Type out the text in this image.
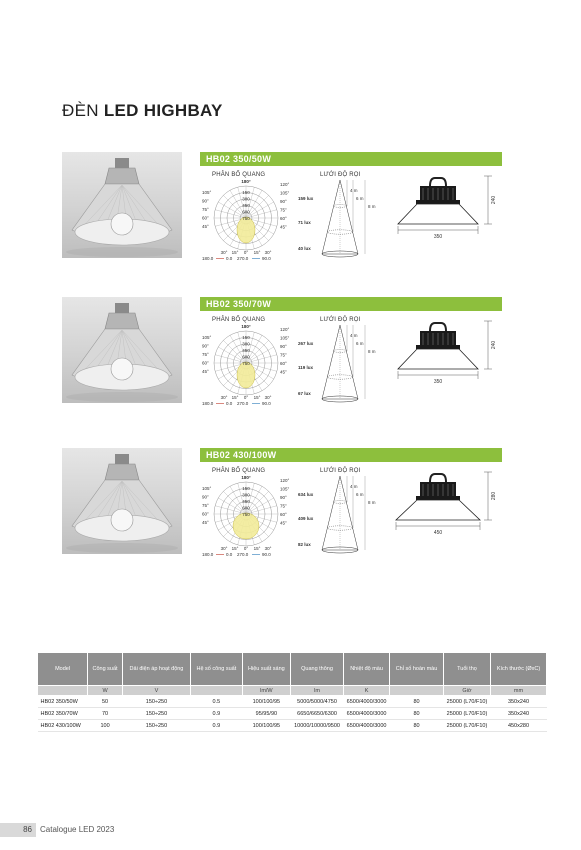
ĐÈN LED HIGHBAY
HB02 350/50W
PHÂN BỐ QUANG	LƯỚI ĐỘ RỌI
180°
105°
90°
75°
60°
45°
120°
105°
90°
75°
60°
45°
150
300
450
600
750
30° 15° 0° 15° 30°
180.0	0.0 270.0	90.0
159 lux
71 lux
40 lux
4 m
6 m
8 m
350
240
HB02 350/70W
PHÂN BỐ QUANG	LƯỚI ĐỘ RỌI
180°
105°
90°
75°
60°
45°
120°
105°
90°
75°
60°
45°
150
300
450
600
750
30° 15° 0° 15° 30°
180.0	0.0 270.0	90.0
267 lux
119 lux
67 lux
4 m
6 m
8 m
350
240
HB02 430/100W
PHÂN BỐ QUANG	LƯỚI ĐỘ RỌI
180°
105°
90°
75°
60°
45°
120°
105°
90°
75°
60°
45°
150
300
450
600
750
30° 15° 0° 15° 30°
180.0	0.0 270.0	90.0
634 lux
409 lux
82 lux
4 m
6 m
8 m
450
280
Model	Công suất	Dải điện áp hoạt động	Hệ số công suất	Hiệu suất sáng	Quang thông	Nhiệt độ màu	Chỉ số hoàn màu	Tuổi thọ	Kích thước (ØxC)
	W	V		lm/W	lm	K		Giờ	mm
HB02 350/50W	50	150÷250	0.5	100/100/95	5000/5000/4750	6500/4000/3000	80	25000 (L70/F10)	350x240
HB02 350/70W	70	150÷250	0.9	95/95/90	6650/6650/6300	6500/4000/3000	80	25000 (L70/F10)	350x240
HB02 430/100W	100	150÷250	0.9	100/100/95	10000/10000/9500	6500/4000/3000	80	25000 (L70/F10)	450x280
86	Catalogue LED 2023
